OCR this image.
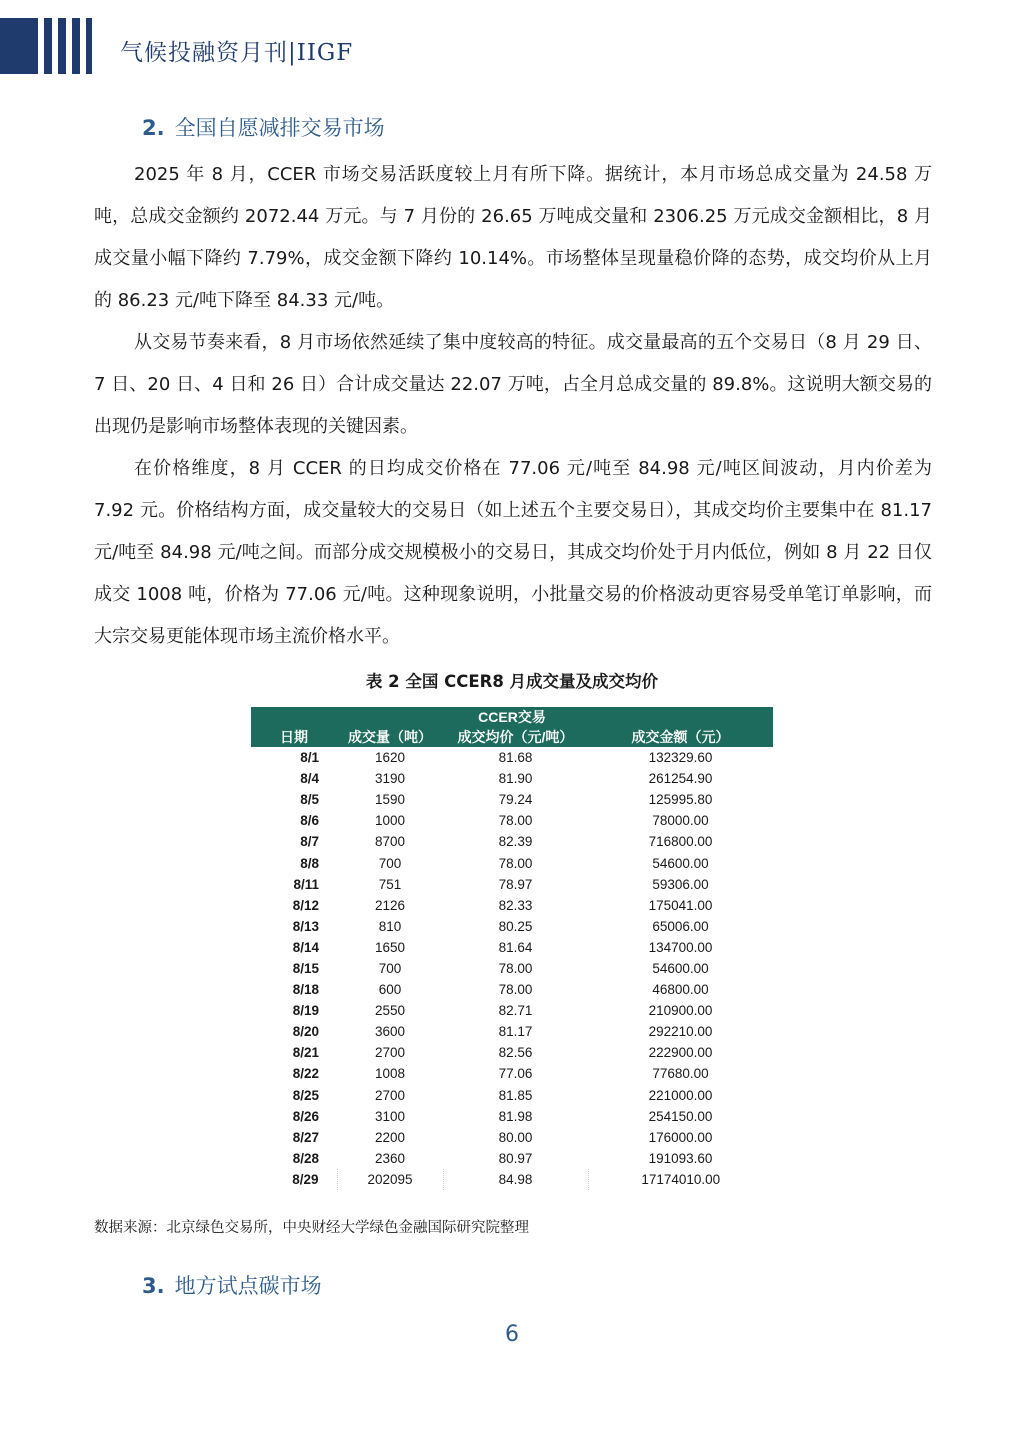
气候投融资月刊|IIGF
2. 全国自愿减排交易市场

2025 年 8 月，CCER 市场交易活跃度较上月有所下降。据统计，本月市场总成交量为 24.58 万吨，总成交金额约 2072.44 万元。与 7 月份的 26.65 万吨成交量和 2306.25 万元成交金额相比，8 月成交量小幅下降约 7.79%，成交金额下降约 10.14%。市场整体呈现量稳价降的态势，成交均价从上月的 86.23 元/吨下降至 84.33 元/吨。

从交易节奏来看，8 月市场依然延续了集中度较高的特征。成交量最高的五个交易日（8 月 29 日、7 日、20 日、4 日和 26 日）合计成交量达 22.07 万吨，占全月总成交量的 89.8%。这说明大额交易的出现仍是影响市场整体表现的关键因素。

在价格维度，8 月 CCER 的日均成交价格在 77.06 元/吨至 84.98 元/吨区间波动，月内价差为 7.92 元。价格结构方面，成交量较大的交易日（如上述五个主要交易日），其成交均价主要集中在 81.17 元/吨至 84.98 元/吨之间。而部分成交规模极小的交易日，其成交均价处于月内低位，例如 8 月 22 日仅成交 1008 吨，价格为 77.06 元/吨。这种现象说明，小批量交易的价格波动更容易受单笔订单影响，而大宗交易更能体现市场主流价格水平。

表 2 全国 CCER8 月成交量及成交均价
CCER交易			
日期	成交量（吨）	成交均价（元/吨）	成交金额（元）
8/1	1620	81.68	132329.60
8/4	3190	81.90	261254.90
8/5	1590	79.24	125995.80
8/6	1000	78.00	78000.00
8/7	8700	82.39	716800.00
8/8	700	78.00	54600.00
8/11	751	78.97	59306.00
8/12	2126	82.33	175041.00
8/13	810	80.25	65006.00
8/14	1650	81.64	134700.00
8/15	700	78.00	54600.00
8/18	600	78.00	46800.00
8/19	2550	82.71	210900.00
8/20	3600	81.17	292210.00
8/21	2700	82.56	222900.00
8/22	1008	77.06	77680.00
8/25	2700	81.85	221000.00
8/26	3100	81.98	254150.00
8/27	2200	80.00	176000.00
8/28	2360	80.97	191093.60
8/29	202095	84.98	17174010.00
数据来源：北京绿色交易所，中央财经大学绿色金融国际研究院整理
3. 地方试点碳市场
6
